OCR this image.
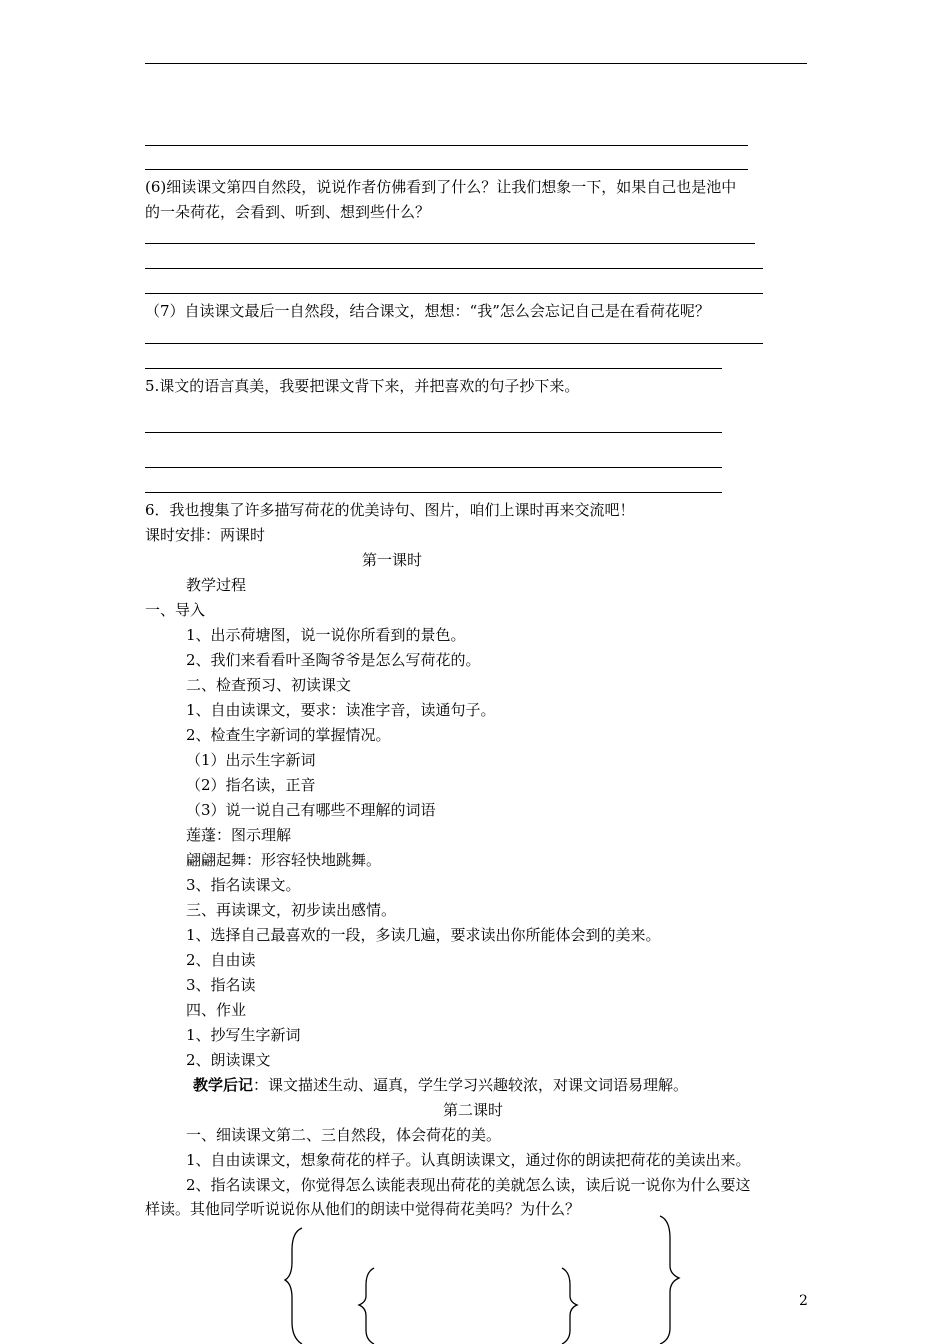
(6)细读课文第四自然段，说说作者仿佛看到了什么？让我们想象一下，如果自己也是池中
的一朵荷花，会看到、听到、想到些什么？
（7）自读课文最后一自然段，结合课文，想想：“我”怎么会忘记自己是在看荷花呢？
5.课文的语言真美，我要把课文背下来，并把喜欢的句子抄下来。
6．我也搜集了许多描写荷花的优美诗句、图片，咱们上课时再来交流吧！
课时安排：两课时
第一课时
教学过程
一、导入
1、出示荷塘图，说一说你所看到的景色。
2、我们来看看叶圣陶爷爷是怎么写荷花的。
二、检查预习、初读课文
1、自由读课文，要求：读准字音，读通句子。
2、检查生字新词的掌握情况。
（1）出示生字新词
（2）指名读，正音
（3）说一说自己有哪些不理解的词语
莲蓬：图示理解
翩翩起舞：形容轻快地跳舞。
3、指名读课文。
三、再读课文，初步读出感情。
1、选择自己最喜欢的一段，多读几遍，要求读出你所能体会到的美来。
2、自由读
3、指名读
四、作业
1、抄写生字新词
2、朗读课文
教学后记：课文描述生动、逼真，学生学习兴趣较浓，对课文词语易理解。
第二课时
一、细读课文第二、三自然段，体会荷花的美。
1、自由读课文，想象荷花的样子。认真朗读课文，通过你的朗读把荷花的美读出来。
2、指名读课文，你觉得怎么读能表现出荷花的美就怎么读，读后说一说你为什么要这
样读。其他同学听说说你从他们的朗读中觉得荷花美吗？为什么？
2
